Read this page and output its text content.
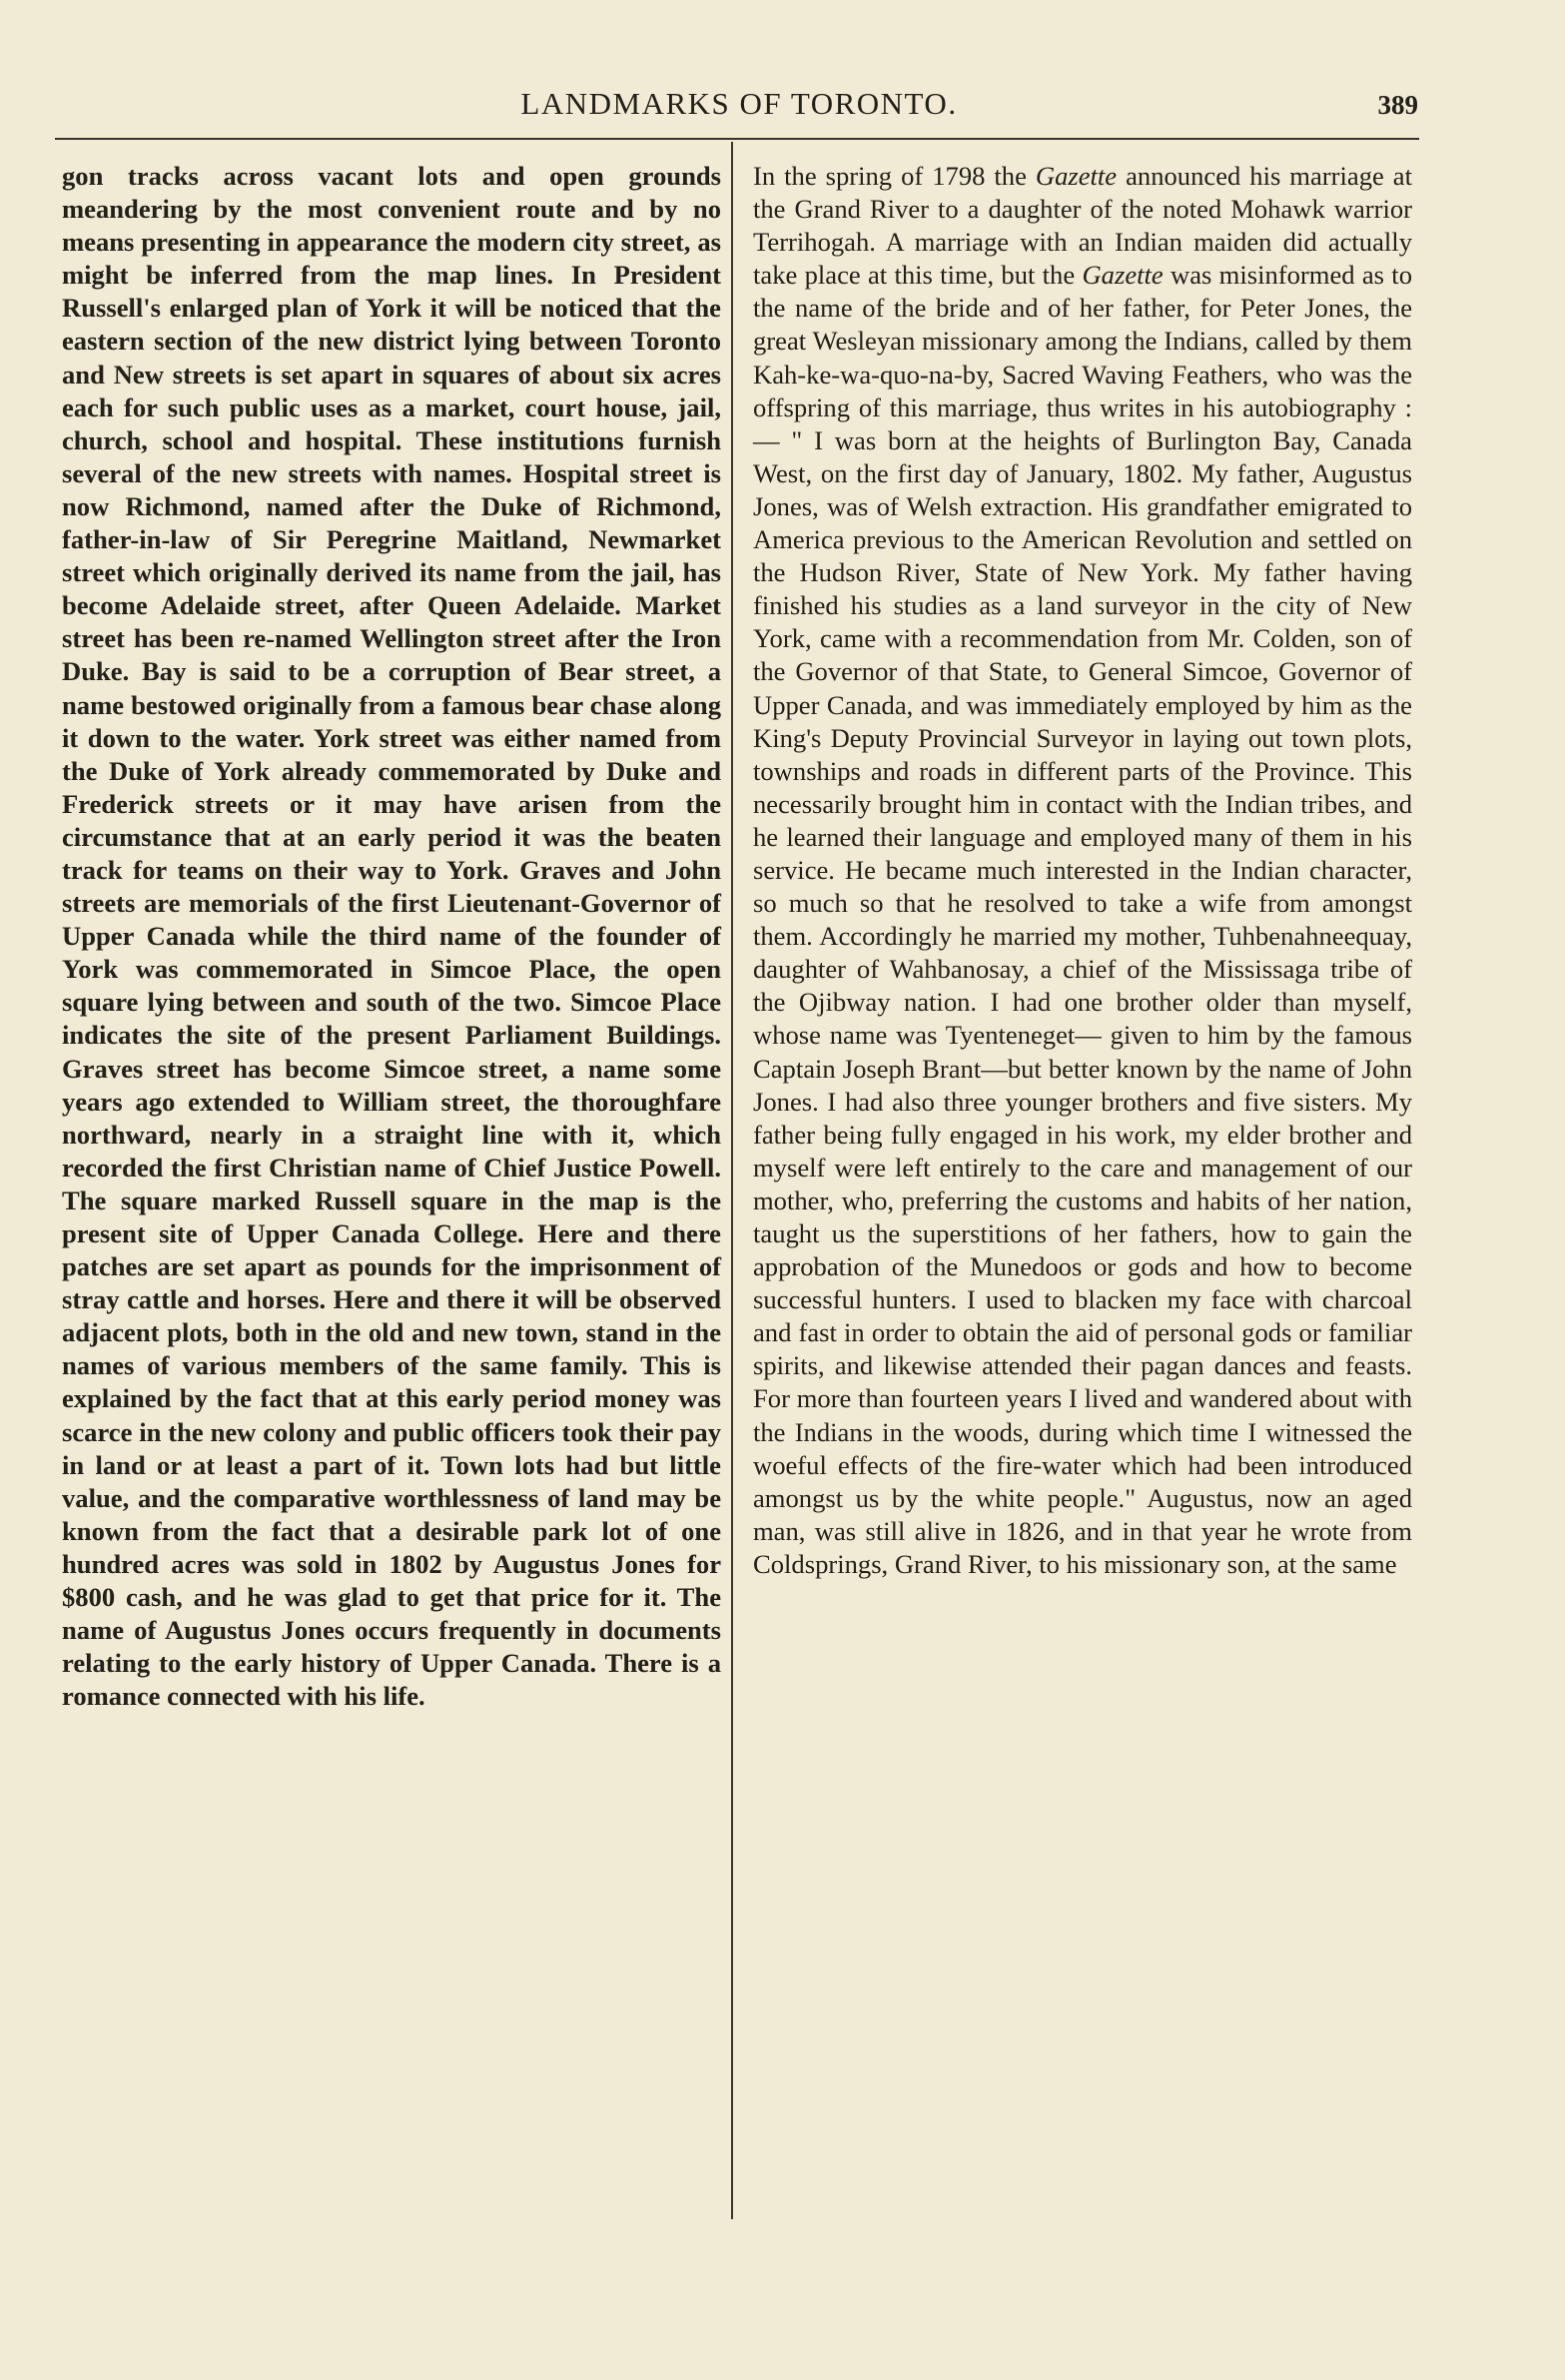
LANDMARKS OF TORONTO.	389

gon tracks across vacant lots and open grounds meandering by the most convenient route and by no means presenting in appearance the modern city street, as might be inferred from the map lines. In President Russell's enlarged plan of York it will be noticed that the eastern section of the new district lying between Toronto and New streets is set apart in squares of about six acres each for such public uses as a market, court house, jail, church, school and hospital. These institutions furnish several of the new streets with names. Hospital street is now Richmond, named after the Duke of Richmond, father-in-law of Sir Peregrine Maitland, Newmarket street which originally derived its name from the jail, has become Adelaide street, after Queen Adelaide. Market street has been re-named Wellington street after the Iron Duke. Bay is said to be a corruption of Bear street, a name bestowed originally from a famous bear chase along it down to the water. York street was either named from the Duke of York already commemorated by Duke and Frederick streets or it may have arisen from the circumstance that at an early period it was the beaten track for teams on their way to York. Graves and John streets are memorials of the first Lieutenant-Governor of Upper Canada while the third name of the founder of York was commemorated in Simcoe Place, the open square lying between and south of the two. Simcoe Place indicates the site of the present Parliament Buildings. Graves street has become Simcoe street, a name some years ago extended to William street, the thoroughfare northward, nearly in a straight line with it, which recorded the first Christian name of Chief Justice Powell. The square marked Russell square in the map is the present site of Upper Canada College. Here and there patches are set apart as pounds for the imprisonment of stray cattle and horses. Here and there it will be observed adjacent plots, both in the old and new town, stand in the names of various members of the same family. This is explained by the fact that at this early period money was scarce in the new colony and public officers took their pay in land or at least a part of it. Town lots had but little value, and the comparative worthlessness of land may be known from the fact that a desirable park lot of one hundred acres was sold in 1802 by Augustus Jones for $800 cash, and he was glad to get that price for it. The name of Augustus Jones occurs frequently in documents relating to the early history of Upper Canada. There is a romance connected with his life.

In the spring of 1798 the Gazette announced his marriage at the Grand River to a daughter of the noted Mohawk warrior Terrihogah. A marriage with an Indian maiden did actually take place at this time, but the Gazette was misinformed as to the name of the bride and of her father, for Peter Jones, the great Wesleyan missionary among the Indians, called by them Kah-ke-wa-quo-na-by, Sacred Waving Feathers, who was the offspring of this marriage, thus writes in his autobiography :— " I was born at the heights of Burlington Bay, Canada West, on the first day of January, 1802. My father, Augustus Jones, was of Welsh extraction. His grandfather emigrated to America previous to the American Revolution and settled on the Hudson River, State of New York. My father having finished his studies as a land surveyor in the city of New York, came with a recommendation from Mr. Colden, son of the Governor of that State, to General Simcoe, Governor of Upper Canada, and was immediately employed by him as the King's Deputy Provincial Surveyor in laying out town plots, townships and roads in different parts of the Province. This necessarily brought him in contact with the Indian tribes, and he learned their language and employed many of them in his service. He became much interested in the Indian character, so much so that he resolved to take a wife from amongst them. Accordingly he married my mother, Tuhbenahneequay, daughter of Wahbanosay, a chief of the Mississaga tribe of the Ojibway nation. I had one brother older than myself, whose name was Tyenteneget— given to him by the famous Captain Joseph Brant—but better known by the name of John Jones. I had also three younger brothers and five sisters. My father being fully engaged in his work, my elder brother and myself were left entirely to the care and management of our mother, who, preferring the customs and habits of her nation, taught us the superstitions of her fathers, how to gain the approbation of the Munedoos or gods and how to become successful hunters. I used to blacken my face with charcoal and fast in order to obtain the aid of personal gods or familiar spirits, and likewise attended their pagan dances and feasts. For more than fourteen years I lived and wandered about with the Indians in the woods, during which time I witnessed the woeful effects of the fire-water which had been introduced amongst us by the white people." Augustus, now an aged man, was still alive in 1826, and in that year he wrote from Coldsprings, Grand River, to his missionary son, at the same
